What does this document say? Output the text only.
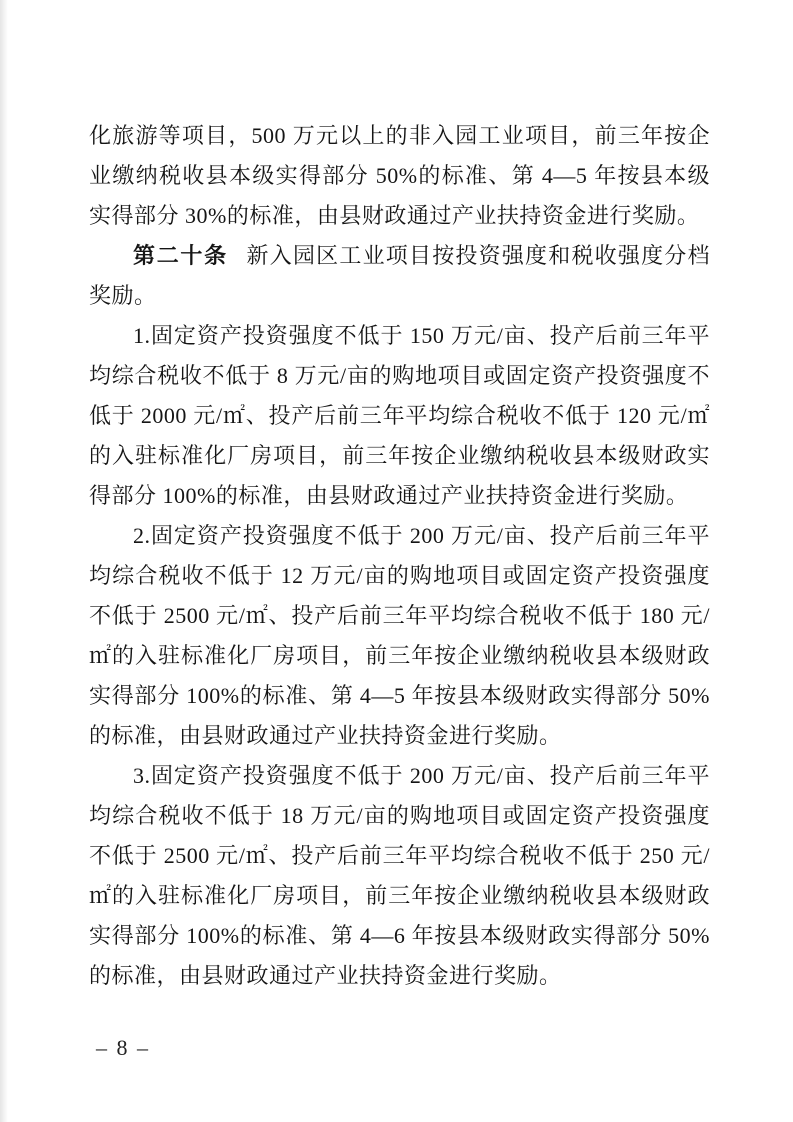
化旅游等项目，500 万元以上的非入园工业项目，前三年按企业缴纳税收县本级实得部分 50%的标准、第 4—5 年按县本级实得部分 30%的标准，由县财政通过产业扶持资金进行奖励。

第二十条 新入园区工业项目按投资强度和税收强度分档奖励。

1.固定资产投资强度不低于 150 万元/亩、投产后前三年平均综合税收不低于 8 万元/亩的购地项目或固定资产投资强度不低于 2000 元/㎡、投产后前三年平均综合税收不低于 120 元/㎡的入驻标准化厂房项目，前三年按企业缴纳税收县本级财政实得部分 100%的标准，由县财政通过产业扶持资金进行奖励。

2.固定资产投资强度不低于 200 万元/亩、投产后前三年平均综合税收不低于 12 万元/亩的购地项目或固定资产投资强度不低于 2500 元/㎡、投产后前三年平均综合税收不低于 180 元/㎡的入驻标准化厂房项目，前三年按企业缴纳税收县本级财政实得部分 100%的标准、第 4—5 年按县本级财政实得部分 50%的标准，由县财政通过产业扶持资金进行奖励。

3.固定资产投资强度不低于 200 万元/亩、投产后前三年平均综合税收不低于 18 万元/亩的购地项目或固定资产投资强度不低于 2500 元/㎡、投产后前三年平均综合税收不低于 250 元/㎡的入驻标准化厂房项目，前三年按企业缴纳税收县本级财政实得部分 100%的标准、第 4—6 年按县本级财政实得部分 50%的标准，由县财政通过产业扶持资金进行奖励。

– 8 –
